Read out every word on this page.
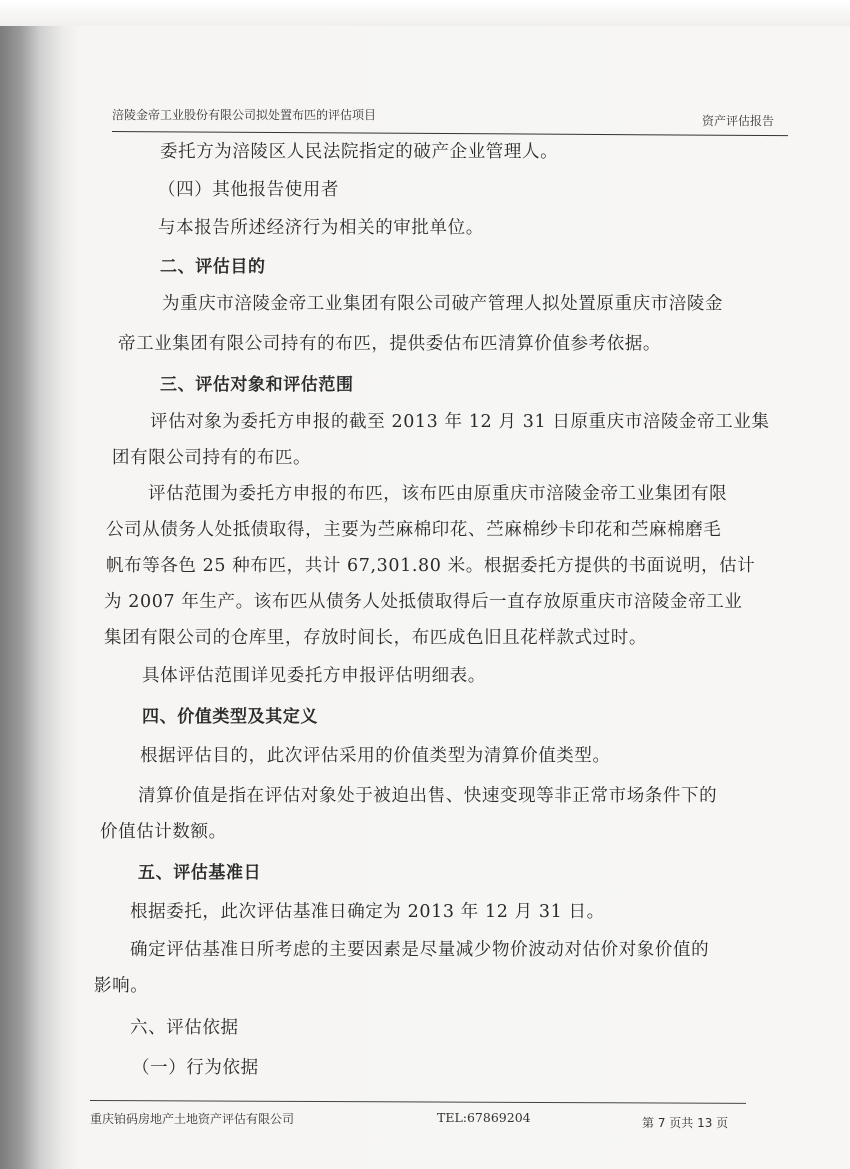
涪陵金帝工业股份有限公司拟处置布匹的评估项目	资产评估报告
委托方为涪陵区人民法院指定的破产企业管理人。
（四）其他报告使用者
与本报告所述经济行为相关的审批单位。
二、评估目的
为重庆市涪陵金帝工业集团有限公司破产管理人拟处置原重庆市涪陵金
帝工业集团有限公司持有的布匹，提供委估布匹清算价值参考依据。
三、评估对象和评估范围
评估对象为委托方申报的截至 2013 年 12 月 31 日原重庆市涪陵金帝工业集
团有限公司持有的布匹。
评估范围为委托方申报的布匹，该布匹由原重庆市涪陵金帝工业集团有限
公司从债务人处抵债取得，主要为苎麻棉印花、苎麻棉纱卡印花和苎麻棉磨毛
帆布等各色 25 种布匹，共计 67,301.80 米。根据委托方提供的书面说明，估计
为 2007 年生产。该布匹从债务人处抵债取得后一直存放原重庆市涪陵金帝工业
集团有限公司的仓库里，存放时间长，布匹成色旧且花样款式过时。
具体评估范围详见委托方申报评估明细表。
四、价值类型及其定义
根据评估目的，此次评估采用的价值类型为清算价值类型。
清算价值是指在评估对象处于被迫出售、快速变现等非正常市场条件下的
价值估计数额。
五、评估基准日
根据委托，此次评估基准日确定为 2013 年 12 月 31 日。
确定评估基准日所考虑的主要因素是尽量减少物价波动对估价对象价值的
影响。
六、评估依据
（一）行为依据
重庆铂码房地产土地资产评估有限公司	TEL:67869204	第 7 页共 13 页
